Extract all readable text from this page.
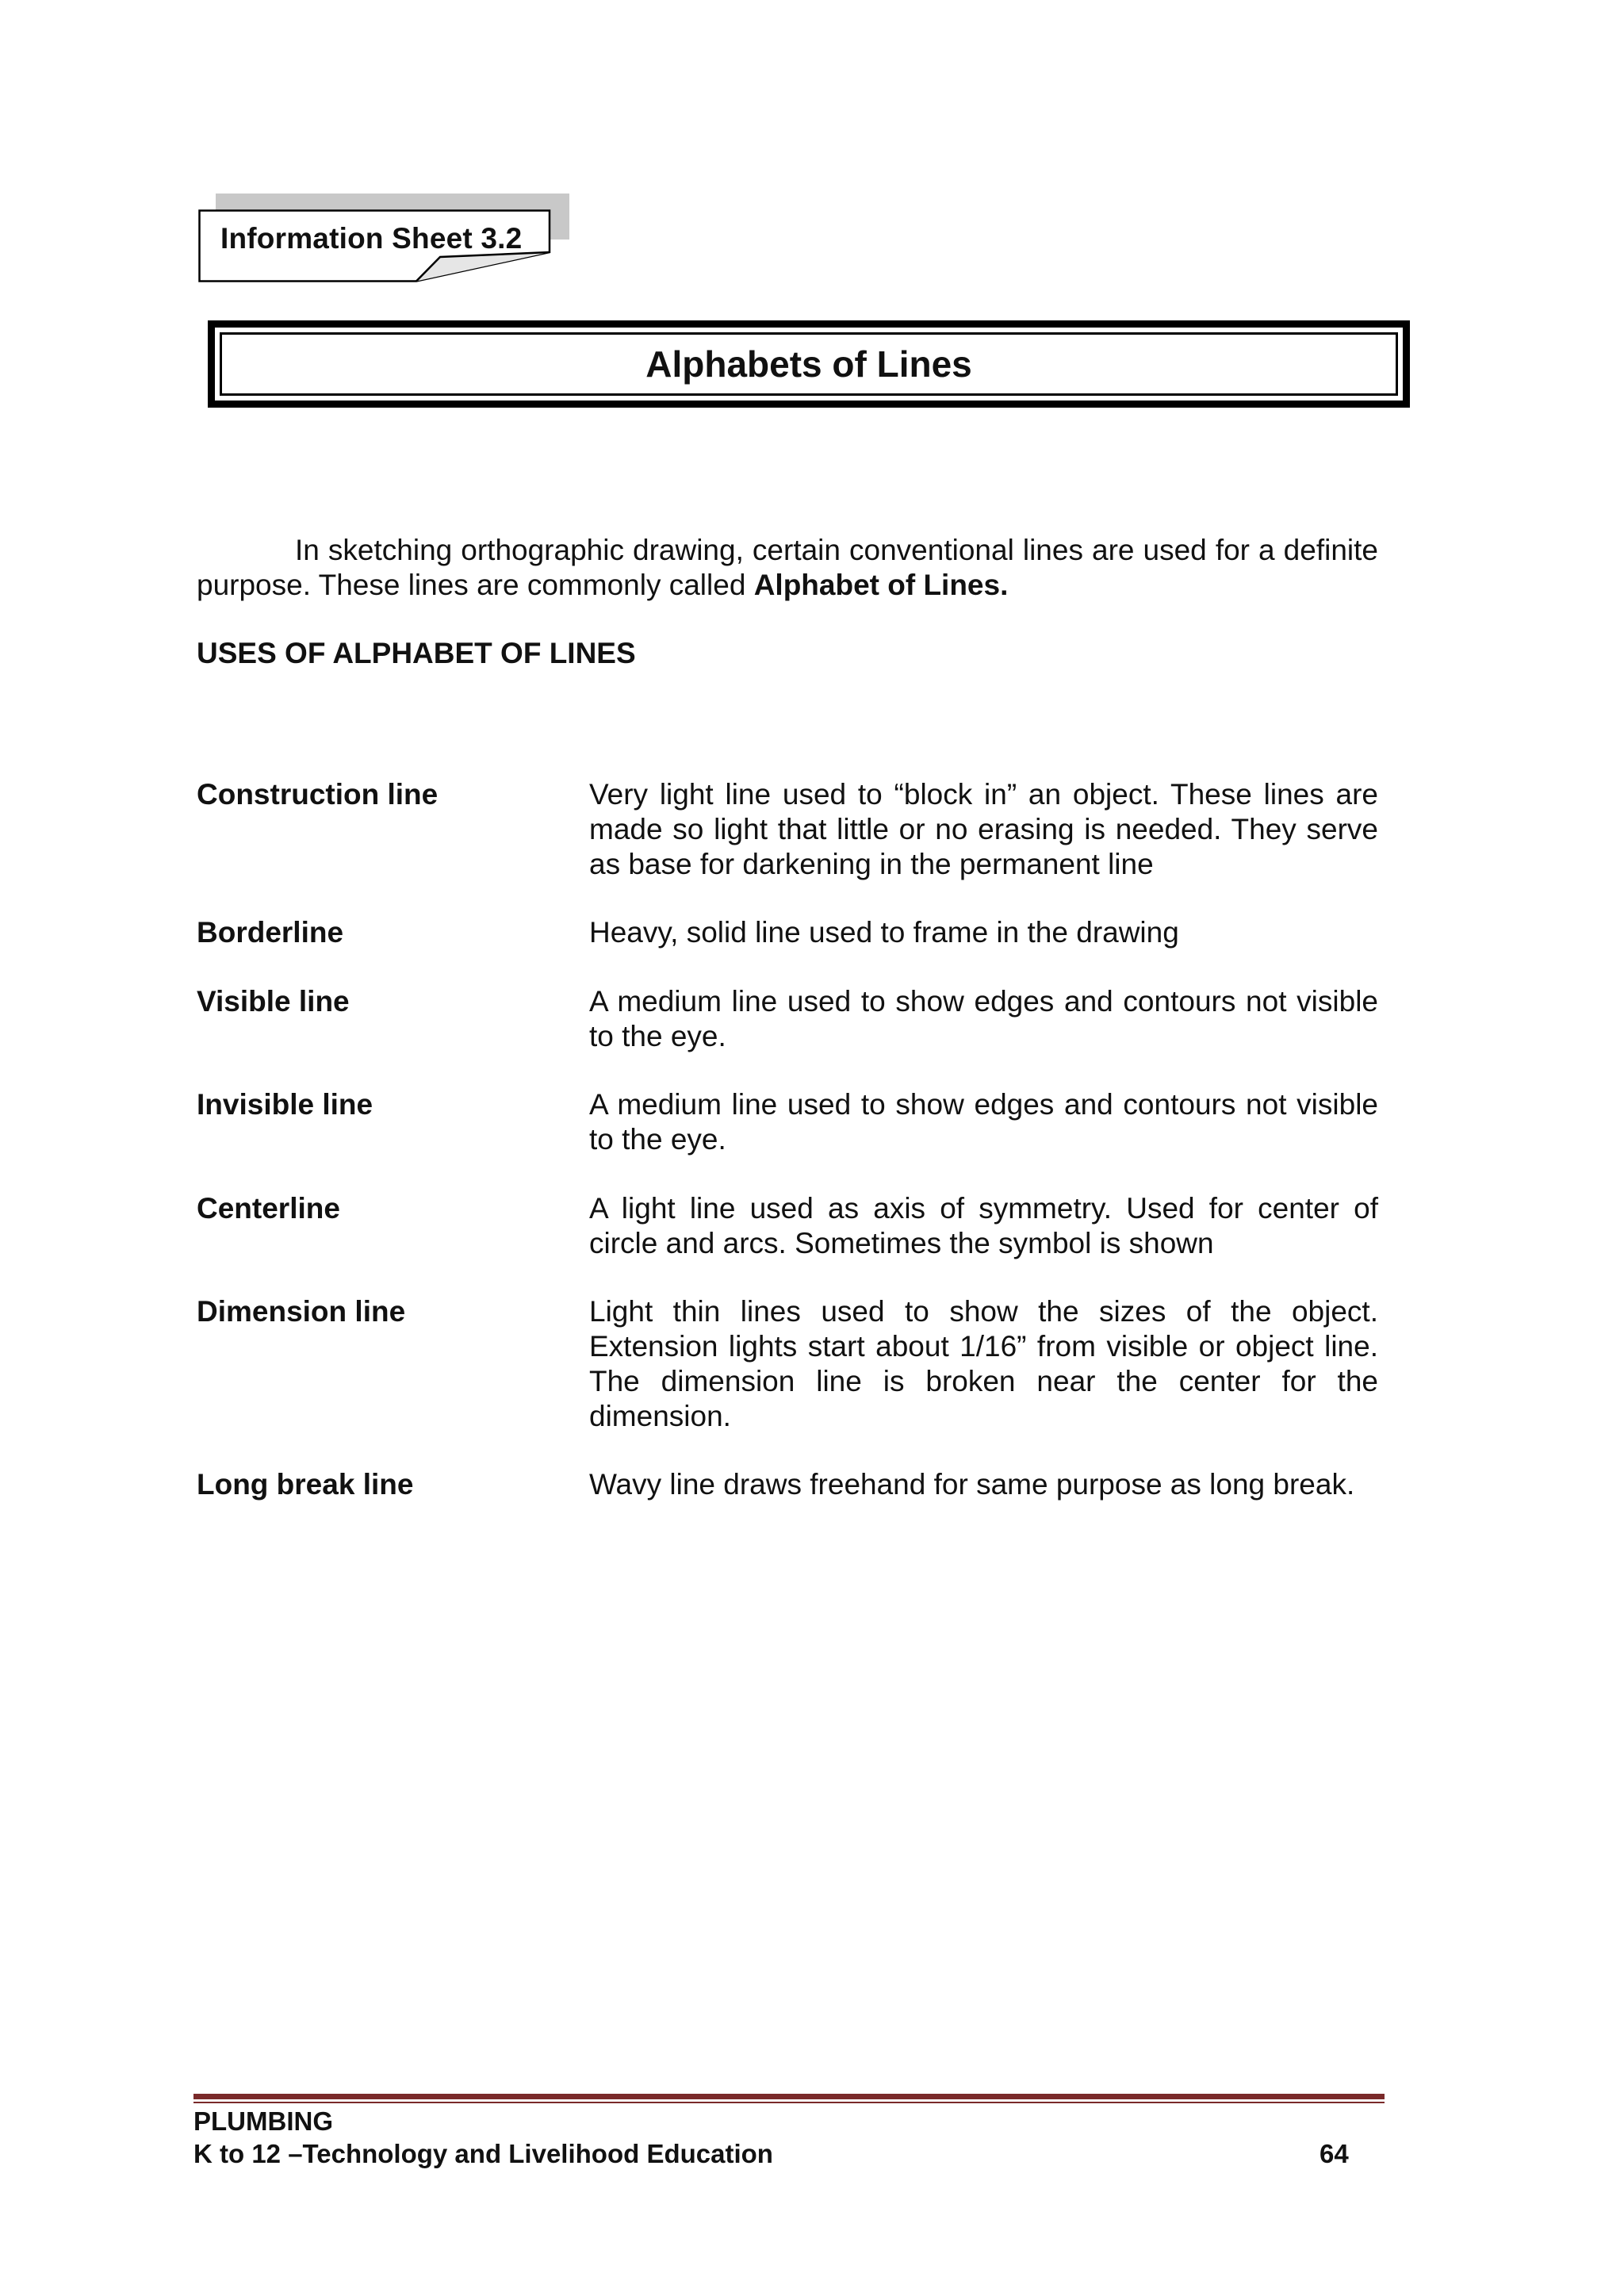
Information Sheet 3.2
Alphabets of Lines

In sketching orthographic drawing, certain conventional lines are used for a definite purpose. These lines are commonly called Alphabet of Lines.

USES OF ALPHABET OF LINES
Construction line	Very light line used to “block in” an object. These lines are made so light that little or no erasing is needed. They serve as base for darkening in the permanent line
Borderline	Heavy, solid line used to frame in the drawing
Visible line	A medium line used to show edges and contours not visible to the eye.
Invisible line	A medium line used to show edges and contours not visible to the eye.
Centerline	A light line used as axis of symmetry. Used for center of circle and arcs. Sometimes the symbol is shown
Dimension line	Light thin lines used to show the sizes of the object. Extension lights start about 1/16” from visible or object line. The dimension line is broken near the center for the dimension.
Long break line	Wavy line draws freehand for same purpose as long break.
PLUMBING
K to 12 –Technology and Livelihood Education	64
